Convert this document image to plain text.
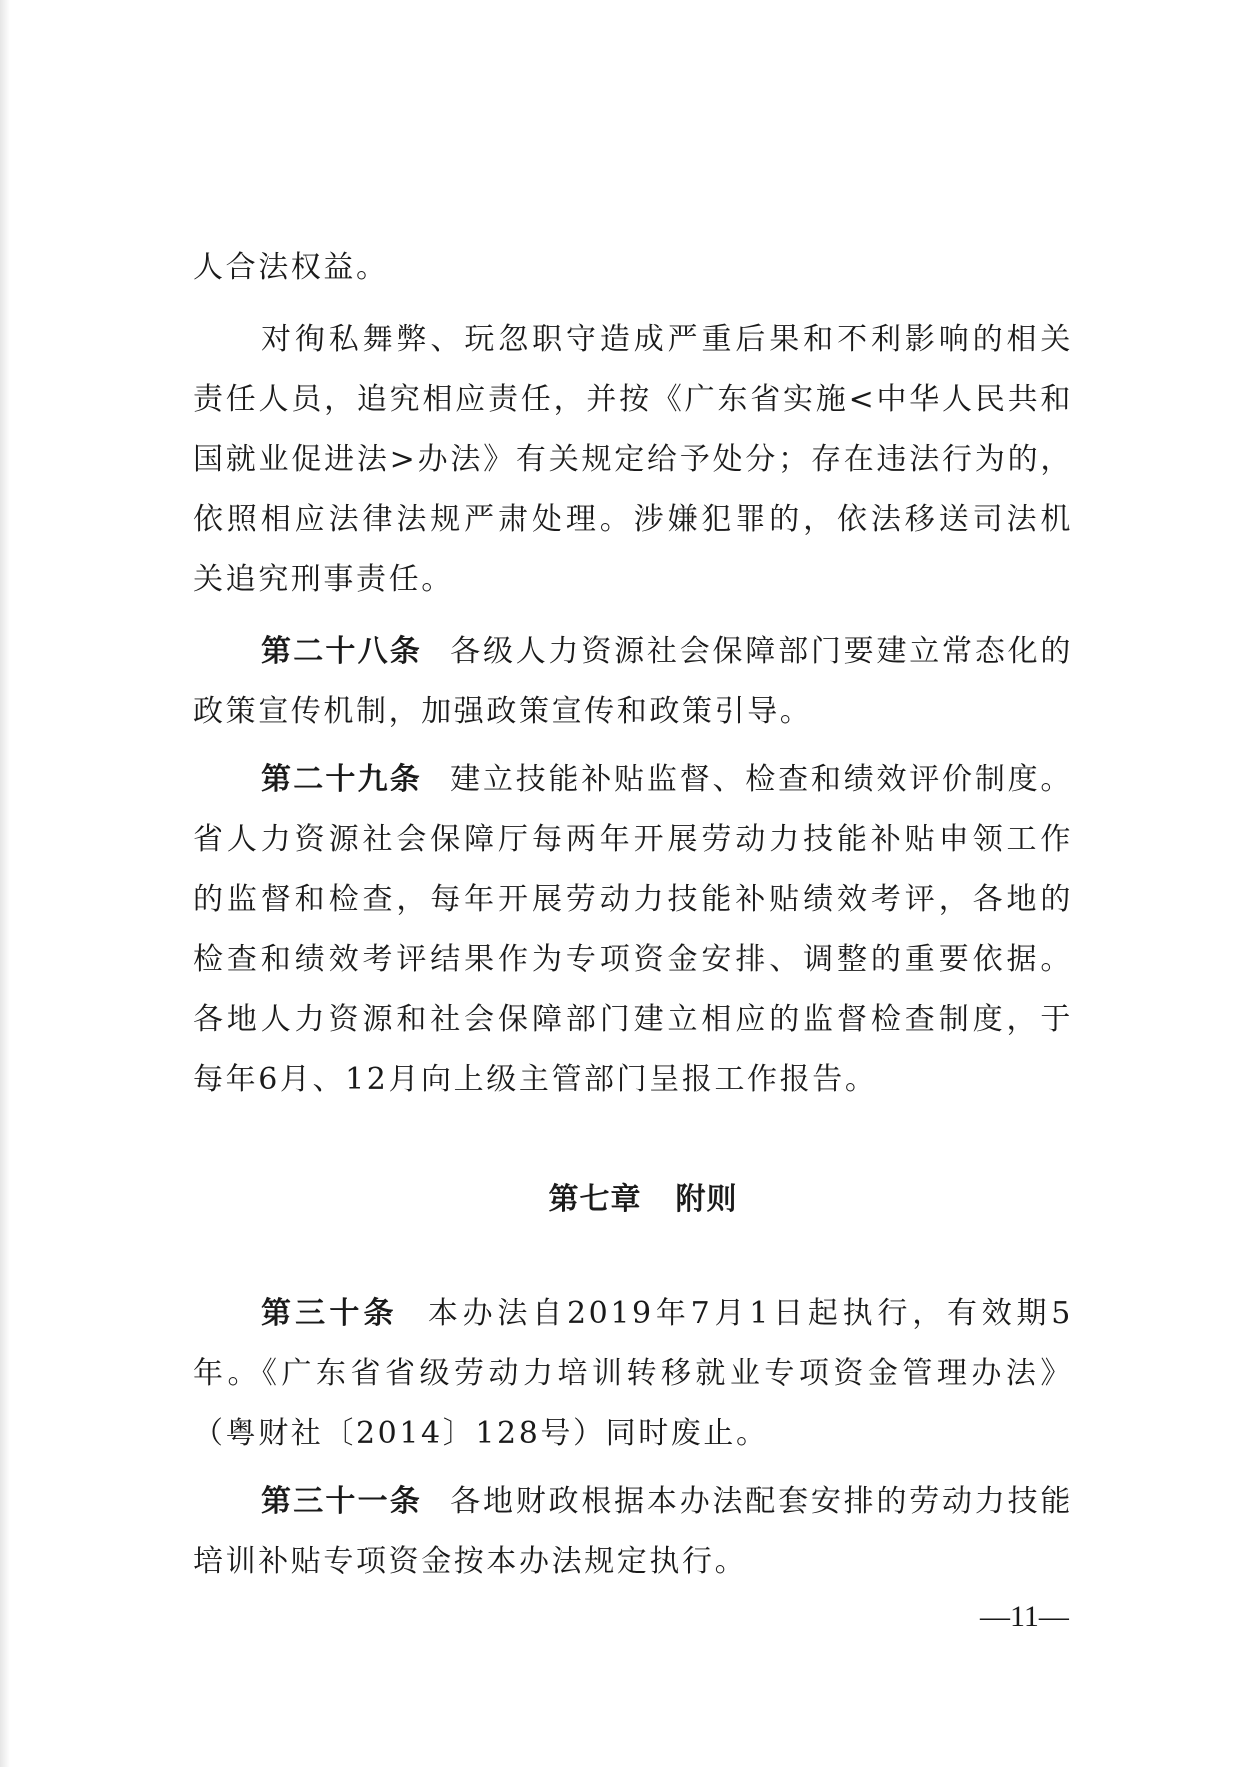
人合法权益。

对徇私舞弊、玩忽职守造成严重后果和不利影响的相关责任人员，追究相应责任，并按《广东省实施<中华人民共和国就业促进法>办法》有关规定给予处分；存在违法行为的，依照相应法律法规严肃处理。涉嫌犯罪的，依法移送司法机关追究刑事责任。

第二十八条 各级人力资源社会保障部门要建立常态化的政策宣传机制，加强政策宣传和政策引导。

第二十九条 建立技能补贴监督、检查和绩效评价制度。省人力资源社会保障厅每两年开展劳动力技能补贴申领工作的监督和检查，每年开展劳动力技能补贴绩效考评，各地的检查和绩效考评结果作为专项资金安排、调整的重要依据。各地人力资源和社会保障部门建立相应的监督检查制度，于每年6月、12月向上级主管部门呈报工作报告。

第七章 附则

第三十条 本办法自2019年7月1日起执行，有效期5年。《广东省省级劳动力培训转移就业专项资金管理办法》（粤财社〔2014〕128号）同时废止。

第三十一条 各地财政根据本办法配套安排的劳动力技能培训补贴专项资金按本办法规定执行。

—11—
